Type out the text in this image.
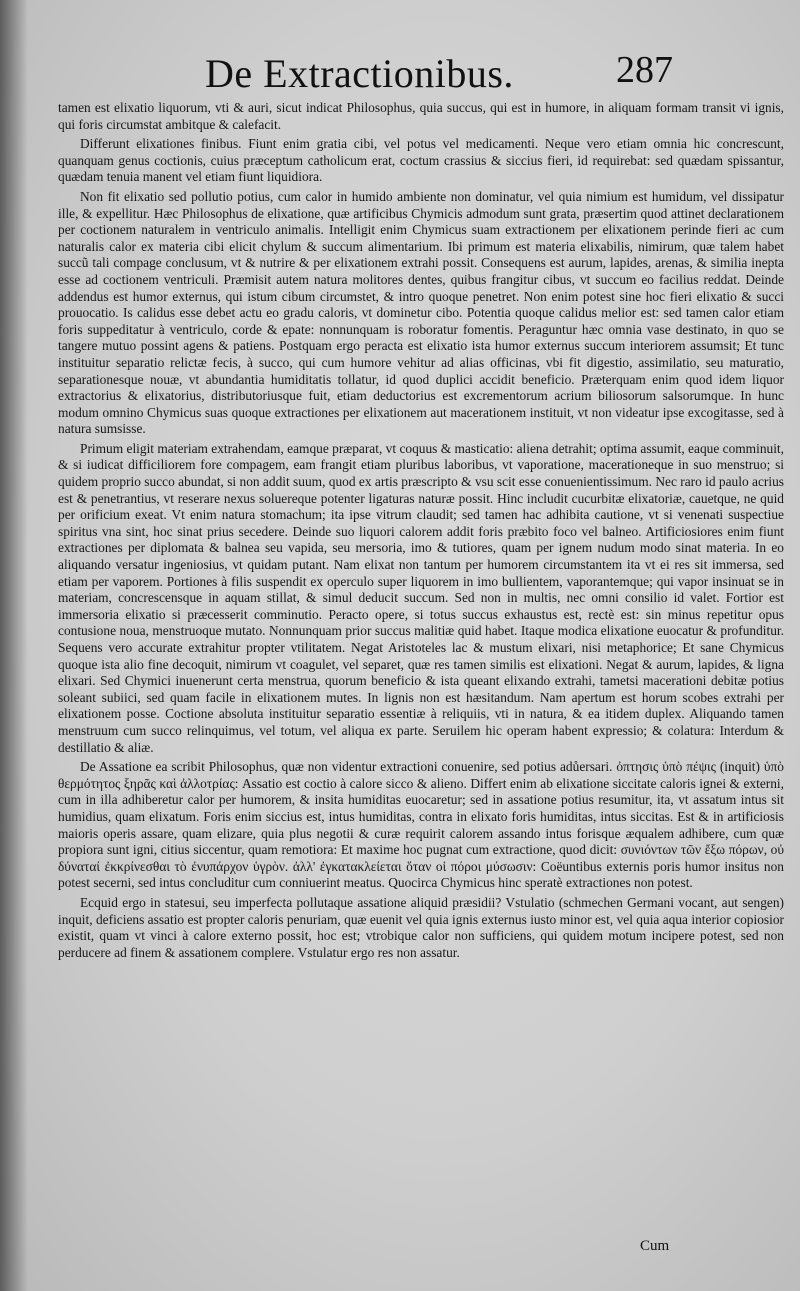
De Extractionibus.	287

tamen est elixatio liquorum, vti & auri, sicut indicat Philosophus, quia succus, qui est in humore, in aliquam formam transit vi ignis, qui foris circumstat ambitque & calefacit.

Differunt elixationes finibus. Fiunt enim gratia cibi, vel potus vel medicamenti. Neque vero etiam omnia hic concrescunt, quanquam genus coctionis, cuius præceptum catholicum erat, coctum crassius & siccius fieri, id requirebat: sed quædam spissantur, quædam tenuia manent vel etiam fiunt liquidiora.

Non fit elixatio sed pollutio potius, cum calor in humido ambiente non dominatur, vel quia nimium est humidum, vel dissipatur ille, & expellitur. Hæc Philosophus de elixatione, quæ artificibus Chymicis admodum sunt grata, præsertim quod attinet declarationem per coctionem naturalem in ventriculo animalis. Intelligit enim Chymicus suam extractionem per elixationem perinde fieri ac cum naturalis calor ex materia cibi elicit chylum & succum alimentarium. Ibi primum est materia elixabilis, nimirum, quæ talem habet succũ tali compage conclusum, vt & nutrire & per elixationem extrahi possit. Consequens est aurum, lapides, arenas, & similia inepta esse ad coctionem ventriculi. Præmisit autem natura molitores dentes, quibus frangitur cibus, vt succum eo facilius reddat. Deinde addendus est humor externus, qui istum cibum circumstet, & intro quoque penetret. Non enim potest sine hoc fieri elixatio & succi prouocatio. Is calidus esse debet actu eo gradu caloris, vt dominetur cibo. Potentia quoque calidus melior est: sed tamen calor etiam foris suppeditatur à ventriculo, corde & epate: nonnunquam is roboratur fomentis. Peraguntur hæc omnia vase destinato, in quo se tangere mutuo possint agens & patiens. Postquam ergo peracta est elixatio ista humor externus succum interiorem assumsit; Et tunc instituitur separatio relictæ fecis, à succo, qui cum humore vehitur ad alias officinas, vbi fit digestio, assimilatio, seu maturatio, separationesque nouæ, vt abundantia humiditatis tollatur, id quod duplici accidit beneficio. Præterquam enim quod idem liquor extractorius & elixatorius, distributoriusque fuit, etiam deductorius est excrementorum acrium biliosorum salsorumque. In hunc modum omnino Chymicus suas quoque extractiones per elixationem aut macerationem instituit, vt non videatur ipse excogitasse, sed à natura sumsisse.

Primum eligit materiam extrahendam, eamque præparat, vt coquus & masticatio: aliena detrahit; optima assumit, eaque comminuit, & si iudicat difficiliorem fore compagem, eam frangit etiam pluribus laboribus, vt vaporatione, macerationeque in suo menstruo; si quidem proprio succo abundat, si non addit suum, quod ex artis præscripto & vsu scit esse conuenientissimum. Nec raro id paulo acrius est & penetrantius, vt reserare nexus soluereque potenter ligaturas naturæ possit. Hinc includit cucurbitæ elixatoriæ, cauetque, ne quid per orificium exeat. Vt enim natura stomachum; ita ipse vitrum claudit; sed tamen hac adhibita cautione, vt si venenati suspectiue spiritus vna sint, hoc sinat prius secedere. Deinde suo liquori calorem addit foris præbito foco vel balneo. Artificiosiores enim fiunt extractiones per diplomata & balnea seu vapida, seu mersoria, imo & tutiores, quam per ignem nudum modo sinat materia. In eo aliquando versatur ingeniosius, vt quidam putant. Nam elixat non tantum per humorem circumstantem ita vt ei res sit immersa, sed etiam per vaporem. Portiones à filis suspendit ex operculo super liquorem in imo bullientem, vaporantemque; qui vapor insinuat se in materiam, concrescensque in aquam stillat, & simul deducit succum. Sed non in multis, nec omni consilio id valet. Fortior est immersoria elixatio si præcesserit comminutio. Peracto opere, si totus succus exhaustus est, rectè est: sin minus repetitur opus contusione noua, menstruoque mutato. Nonnunquam prior succus malitiæ quid habet. Itaque modica elixatione euocatur & profunditur. Sequens vero accurate extrahitur propter vtilitatem. Negat Aristoteles lac & mustum elixari, nisi metaphorice; Et sane Chymicus quoque ista alio fine decoquit, nimirum vt coagulet, vel separet, quæ res tamen similis est elixationi. Negat & aurum, lapides, & ligna elixari. Sed Chymici inuenerunt certa menstrua, quorum beneficio & ista queant elixando extrahi, tametsi macerationi debitæ potius soleant subiici, sed quam facile in elixationem mutes. In lignis non est hæsitandum. Nam apertum est horum scobes extrahi per elixationem posse. Coctione absoluta instituitur separatio essentiæ à reliquiis, vti in natura, & ea itidem duplex. Aliquando tamen menstruum cum succo relinquimus, vel totum, vel aliqua ex parte. Seruilem hic operam habent expressio; & colatura: Interdum & destillatio & aliæ.

De Assatione ea scribit Philosophus, quæ non videntur extractioni conuenire, sed potius adůersari. ὀπτησις ὑπὸ πέψις (inquit) ὑπὸ θερμότητος ξηρᾶς καὶ ἀλλοτρίας: Assatio est coctio à calore sicco & alieno. Differt enim ab elixatione siccitate caloris ignei & externi, cum in illa adhiberetur calor per humorem, & insita humiditas euocaretur; sed in assatione potius resumitur, ita, vt assatum intus sit humidius, quam elixatum. Foris enim siccius est, intus humiditas, contra in elixato foris humiditas, intus siccitas. Est & in artificiosis maioris operis assare, quam elizare, quia plus negotii & curæ requirit calorem assando intus forisque æqualem adhibere, cum quæ propiora sunt igni, citius siccentur, quam remotiora: Et maxime hoc pugnat cum extractione, quod dicit: συνιόντων τῶν ἔξω πόρων, οὐ δύναταί ἐκκρίνεσθαι τὸ ἐνυπάρχον ὑγρὸν. ἀλλ' ἐγκατακλείεται ὅταν οἱ πόροι μύσωσιν: Coëuntibus externis poris humor insitus non potest secerni, sed intus concluditur cum conniuerint meatus. Quocirca Chymicus hinc speratè extractiones non potest.

Ecquid ergo in statesui, seu imperfecta pollutaque assatione aliquid præsidii? Vstulatio (schmechen Germani vocant, aut sengen) inquit, deficiens assatio est propter caloris penuriam, quæ euenit vel quia ignis externus iusto minor est, vel quia aqua interior copiosior existit, quam vt vinci à calore externo possit, hoc est; vtrobique calor non sufficiens, qui quidem motum incipere potest, sed non perducere ad finem & assationem complere. Vstulatur ergo res non assatur.

Cum
